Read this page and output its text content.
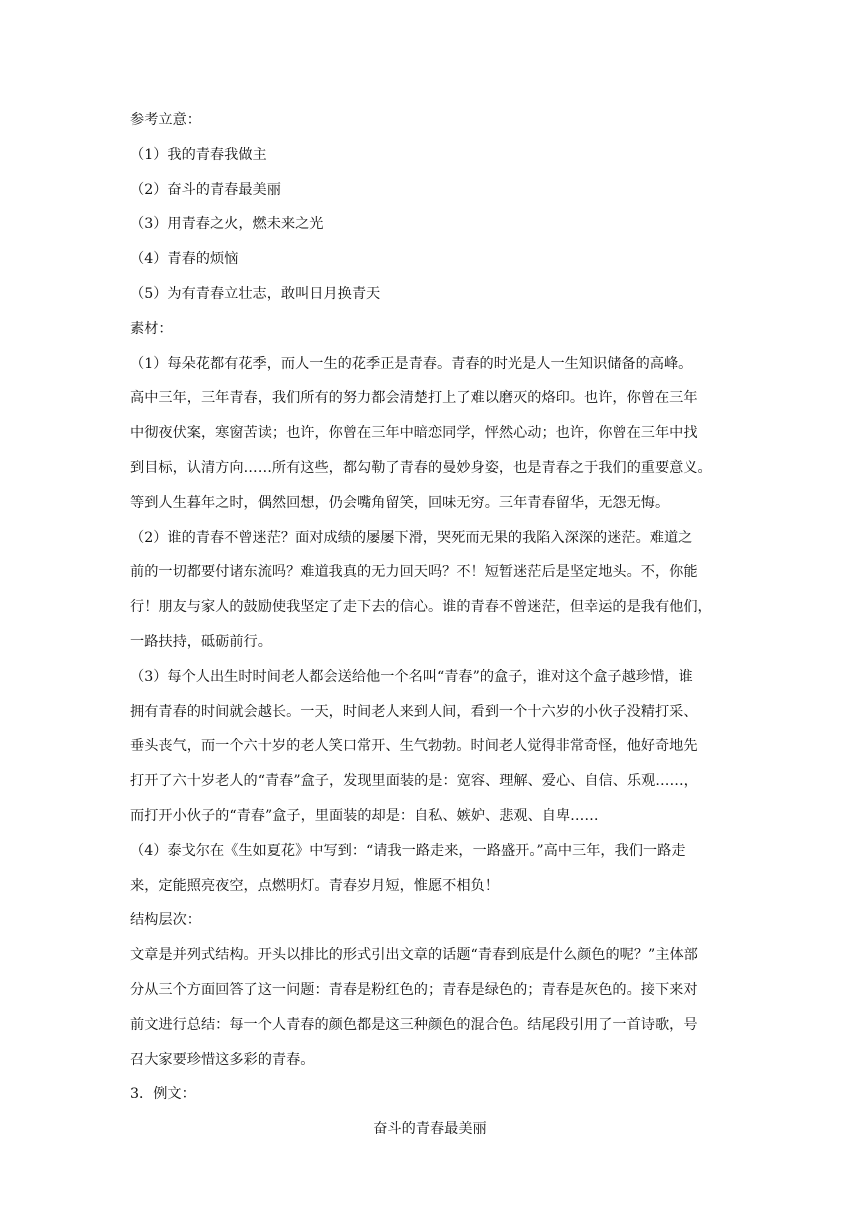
参考立意：
（1）我的青春我做主
（2）奋斗的青春最美丽
（3）用青春之火，燃未来之光
（4）青春的烦恼
（5）为有青春立壮志，敢叫日月换青天
素材：
（1）每朵花都有花季，而人一生的花季正是青春。青春的时光是人一生知识储备的高峰。
高中三年，三年青春，我们所有的努力都会清楚打上了难以磨灭的烙印。也许，你曾在三年
中彻夜伏案，寒窗苦读；也许，你曾在三年中暗恋同学，怦然心动；也许，你曾在三年中找
到目标，认清方向……所有这些，都勾勒了青春的曼妙身姿，也是青春之于我们的重要意义。
等到人生暮年之时，偶然回想，仍会嘴角留笑，回味无穷。三年青春留华，无怨无悔。
（2）谁的青春不曾迷茫？面对成绩的屡屡下滑，哭死而无果的我陷入深深的迷茫。难道之
前的一切都要付诸东流吗？难道我真的无力回天吗？不！短暂迷茫后是坚定地头。不，你能
行！朋友与家人的鼓励使我坚定了走下去的信心。谁的青春不曾迷茫，但幸运的是我有他们，
一路扶持，砥砺前行。
（3）每个人出生时时间老人都会送给他一个名叫“青春”的盒子，谁对这个盒子越珍惜，谁
拥有青春的时间就会越长。一天，时间老人来到人间，看到一个十六岁的小伙子没精打采、
垂头丧气，而一个六十岁的老人笑口常开、生气勃勃。时间老人觉得非常奇怪，他好奇地先
打开了六十岁老人的“青春”盒子，发现里面装的是：宽容、理解、爱心、自信、乐观……，
而打开小伙子的“青春”盒子，里面装的却是：自私、嫉妒、悲观、自卑……
（4）泰戈尔在《生如夏花》中写到：“请我一路走来，一路盛开。”高中三年，我们一路走
来，定能照亮夜空，点燃明灯。青春岁月短，惟愿不相负！
结构层次：
文章是并列式结构。开头以排比的形式引出文章的话题“青春到底是什么颜色的呢？”主体部
分从三个方面回答了这一问题：青春是粉红色的；青春是绿色的；青春是灰色的。接下来对
前文进行总结：每一个人青春的颜色都是这三种颜色的混合色。结尾段引用了一首诗歌，号
召大家要珍惜这多彩的青春。
3．例文：
奋斗的青春最美丽
